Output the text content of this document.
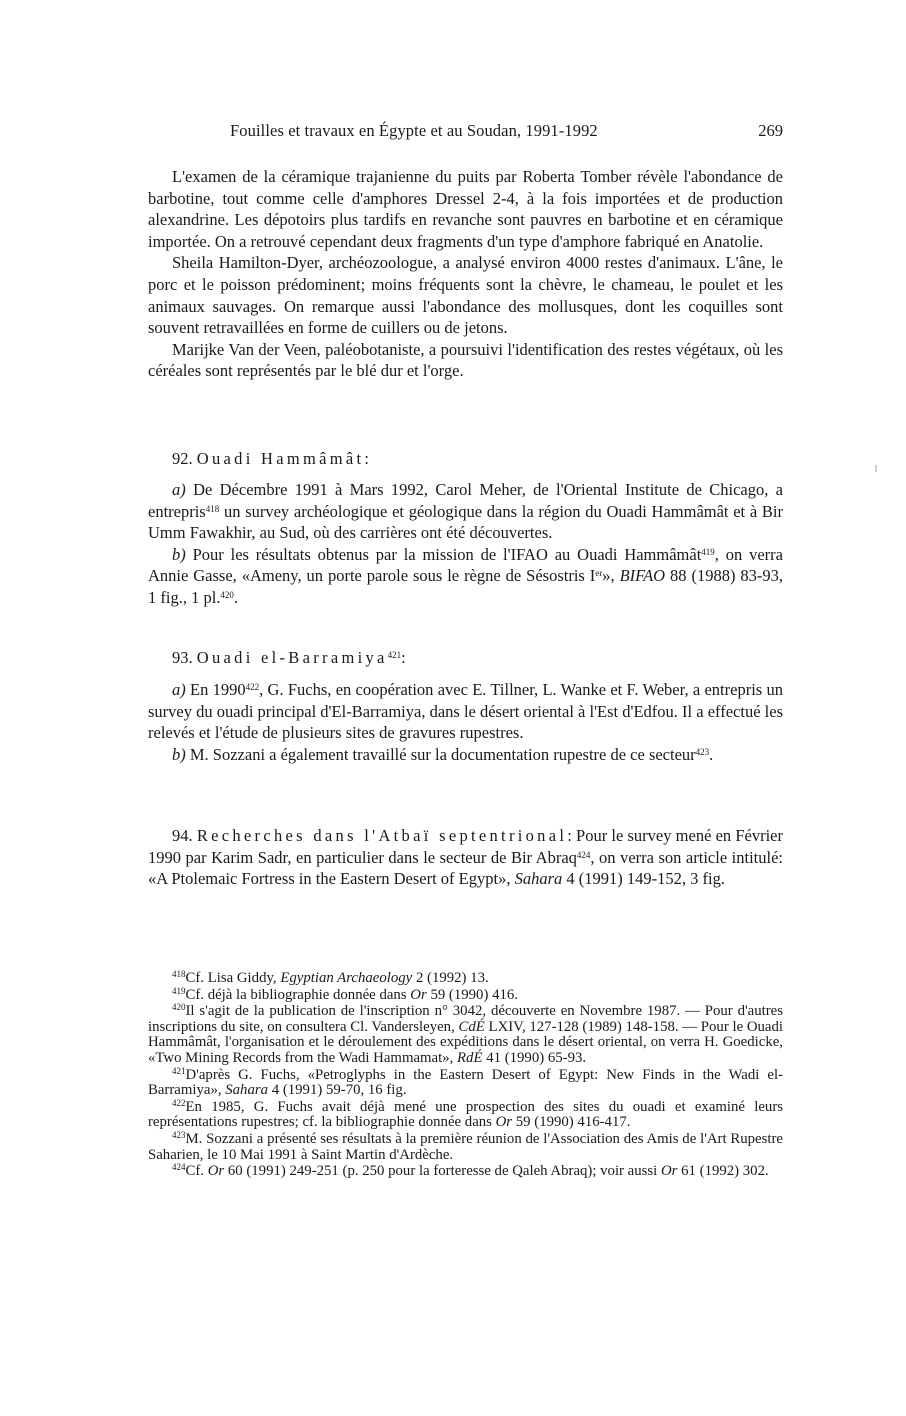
Fouilles et travaux en Égypte et au Soudan, 1991-1992	269

L'examen de la céramique trajanienne du puits par Roberta Tomber révèle l'abondance de barbotine, tout comme celle d'amphores Dressel 2-4, à la fois importées et de production alexandrine. Les dépotoirs plus tardifs en revanche sont pauvres en barbotine et en céramique importée. On a retrouvé cependant deux fragments d'un type d'amphore fabriqué en Anatolie.

Sheila Hamilton-Dyer, archéozoologue, a analysé environ 4000 restes d'animaux. L'âne, le porc et le poisson prédominent; moins fréquents sont la chèvre, le chameau, le poulet et les animaux sauvages. On remarque aussi l'abondance des mollusques, dont les coquilles sont souvent retravaillées en forme de cuillers ou de jetons.

Marijke Van der Veen, paléobotaniste, a poursuivi l'identification des restes végétaux, où les céréales sont représentés par le blé dur et l'orge.

92. Ouadi Hammâmât:

a) De Décembre 1991 à Mars 1992, Carol Meher, de l'Oriental Institute de Chicago, a entrepris$^{418}$ un survey archéologique et géologique dans la région du Ouadi Hammâmât et à Bir Umm Fawakhir, au Sud, où des carrières ont été découvertes.

b) Pour les résultats obtenus par la mission de l'IFAO au Ouadi Hammâmât$^{419}$, on verra Annie Gasse, «Ameny, un porte parole sous le règne de Sésostris Ier», BIFAO 88 (1988) 83-93, 1 fig., 1 pl.$^{420}$.

93. Ouadi el-Barramiya$^{421}$:

a) En 1990$^{422}$, G. Fuchs, en coopération avec E. Tillner, L. Wanke et F. Weber, a entrepris un survey du ouadi principal d'El-Barramiya, dans le désert oriental à l'Est d'Edfou. Il a effectué les relevés et l'étude de plusieurs sites de gravures rupestres.

b) M. Sozzani a également travaillé sur la documentation rupestre de ce secteur$^{423}$.

94. Recherches dans l'Atbaï septentrional: Pour le survey mené en Février 1990 par Karim Sadr, en particulier dans le secteur de Bir Abraq$^{424}$, on verra son article intitulé: «A Ptolemaic Fortress in the Eastern Desert of Egypt», Sahara 4 (1991) 149-152, 3 fig.

$^{418}$Cf. Lisa Giddy, Egyptian Archaeology 2 (1992) 13.

$^{419}$Cf. déjà la bibliographie donnée dans Or 59 (1990) 416.

$^{420}$Il s'agit de la publication de l'inscription n° 3042, découverte en Novembre 1987. — Pour d'autres inscriptions du site, on consultera Cl. Vandersleyen, CdÉ LXIV, 127-128 (1989) 148-158. — Pour le Ouadi Hammâmât, l'organisation et le déroulement des expéditions dans le désert oriental, on verra H. Goedicke, «Two Mining Records from the Wadi Hammamat», RdÉ 41 (1990) 65-93.

$^{421}$D'après G. Fuchs, «Petroglyphs in the Eastern Desert of Egypt: New Finds in the Wadi el-Barramiya», Sahara 4 (1991) 59-70, 16 fig.

$^{422}$En 1985, G. Fuchs avait déjà mené une prospection des sites du ouadi et examiné leurs représentations rupestres; cf. la bibliographie donnée dans Or 59 (1990) 416-417.

$^{423}$M. Sozzani a présenté ses résultats à la première réunion de l'Association des Amis de l'Art Rupestre Saharien, le 10 Mai 1991 à Saint Martin d'Ardèche.

$^{424}$Cf. Or 60 (1991) 249-251 (p. 250 pour la forteresse de Qaleh Abraq); voir aussi Or 61 (1992) 302.
